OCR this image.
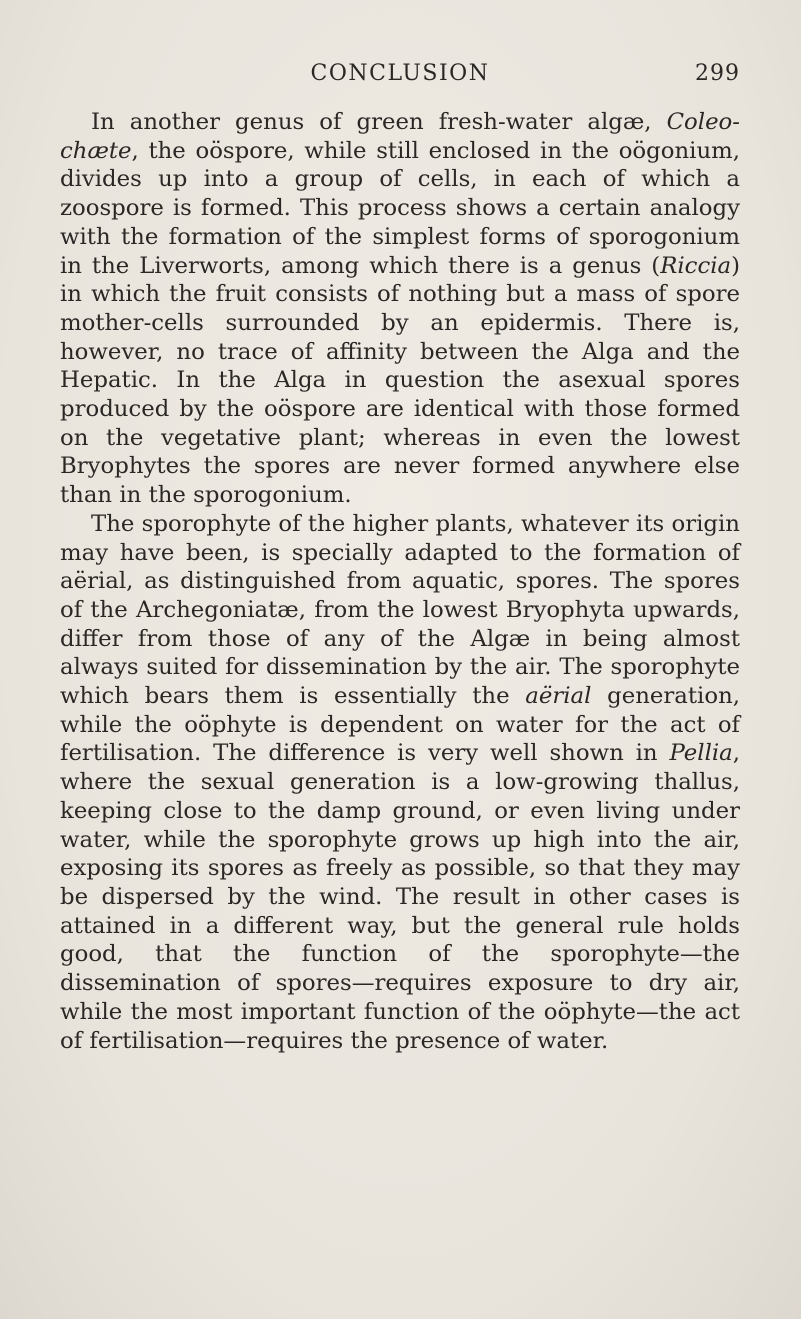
CONCLUSION	299

In another genus of green fresh-water algæ, Coleo-chæte, the oöspore, while still enclosed in the oögonium, divides up into a group of cells, in each of which a zoospore is formed. This process shows a certain analogy with the formation of the simplest forms of sporogonium in the Liverworts, among which there is a genus (Riccia) in which the fruit consists of nothing but a mass of spore mother-cells surrounded by an epidermis. There is, however, no trace of affinity between the Alga and the Hepatic. In the Alga in question the asexual spores produced by the oöspore are identical with those formed on the vegetative plant; whereas in even the lowest Bryophytes the spores are never formed anywhere else than in the sporogonium.

The sporophyte of the higher plants, whatever its origin may have been, is specially adapted to the formation of aërial, as distinguished from aquatic, spores. The spores of the Archegoniatæ, from the lowest Bryophyta upwards, differ from those of any of the Algæ in being almost always suited for dissemination by the air. The sporophyte which bears them is essentially the aërial generation, while the oöphyte is dependent on water for the act of fertilisation. The difference is very well shown in Pellia, where the sexual generation is a low-growing thallus, keeping close to the damp ground, or even living under water, while the sporophyte grows up high into the air, exposing its spores as freely as possible, so that they may be dispersed by the wind. The result in other cases is attained in a different way, but the general rule holds good, that the function of the sporophyte—the dissemination of spores—requires exposure to dry air, while the most important function of the oöphyte—the act of fertilisation—requires the presence of water.
